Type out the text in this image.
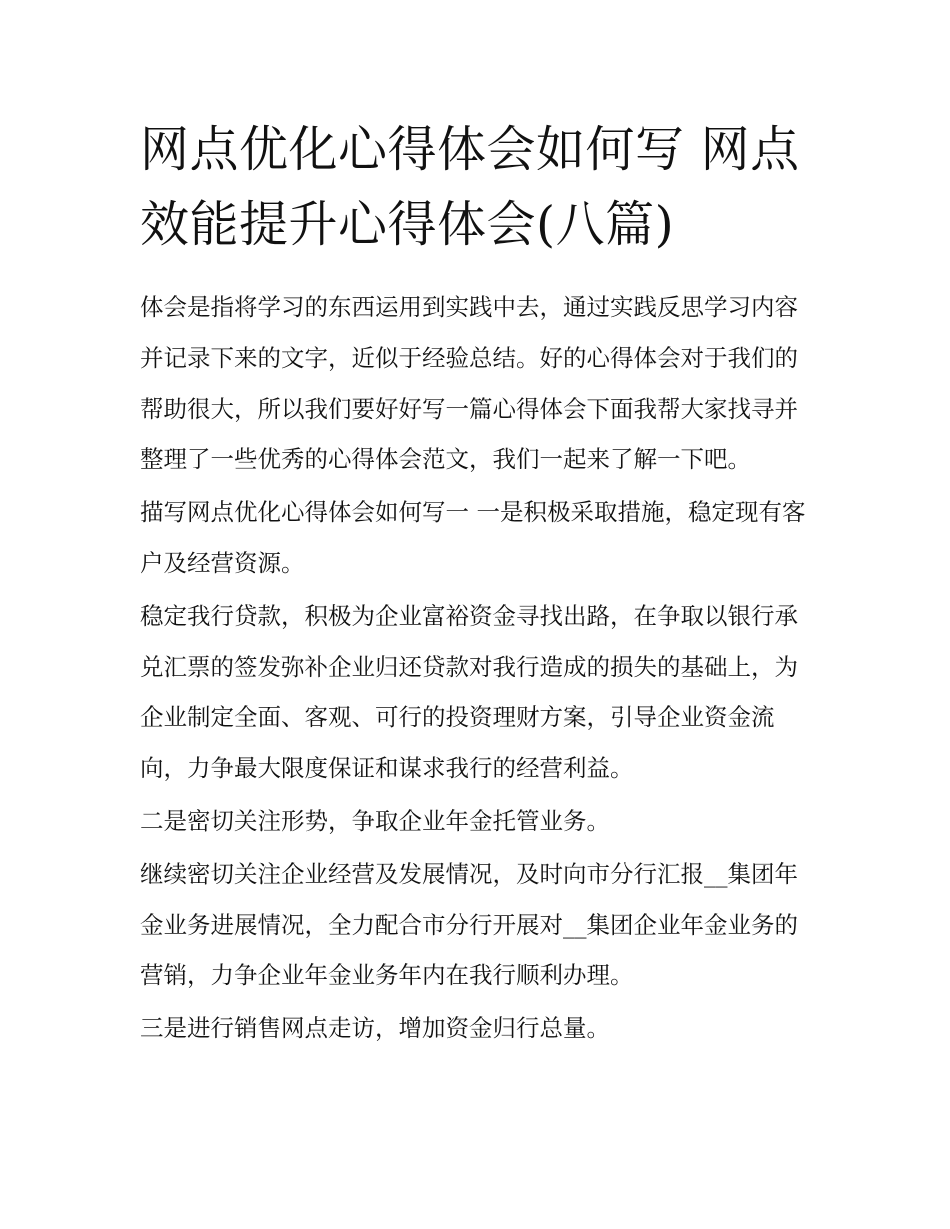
网点优化心得体会如何写 网点效能提升心得体会(八篇)

体会是指将学习的东西运用到实践中去，通过实践反思学习内容并记录下来的文字，近似于经验总结。好的心得体会对于我们的帮助很大，所以我们要好好写一篇心得体会下面我帮大家找寻并整理了一些优秀的心得体会范文，我们一起来了解一下吧。

描写网点优化心得体会如何写一 一是积极采取措施，稳定现有客户及经营资源。

稳定我行贷款，积极为企业富裕资金寻找出路，在争取以银行承兑汇票的签发弥补企业归还贷款对我行造成的损失的基础上，为企业制定全面、客观、可行的投资理财方案，引导企业资金流向，力争最大限度保证和谋求我行的经营利益。

二是密切关注形势，争取企业年金托管业务。

继续密切关注企业经营及发展情况，及时向市分行汇报__集团年金业务进展情况，全力配合市分行开展对__集团企业年金业务的营销，力争企业年金业务年内在我行顺利办理。

三是进行销售网点走访，增加资金归行总量。
